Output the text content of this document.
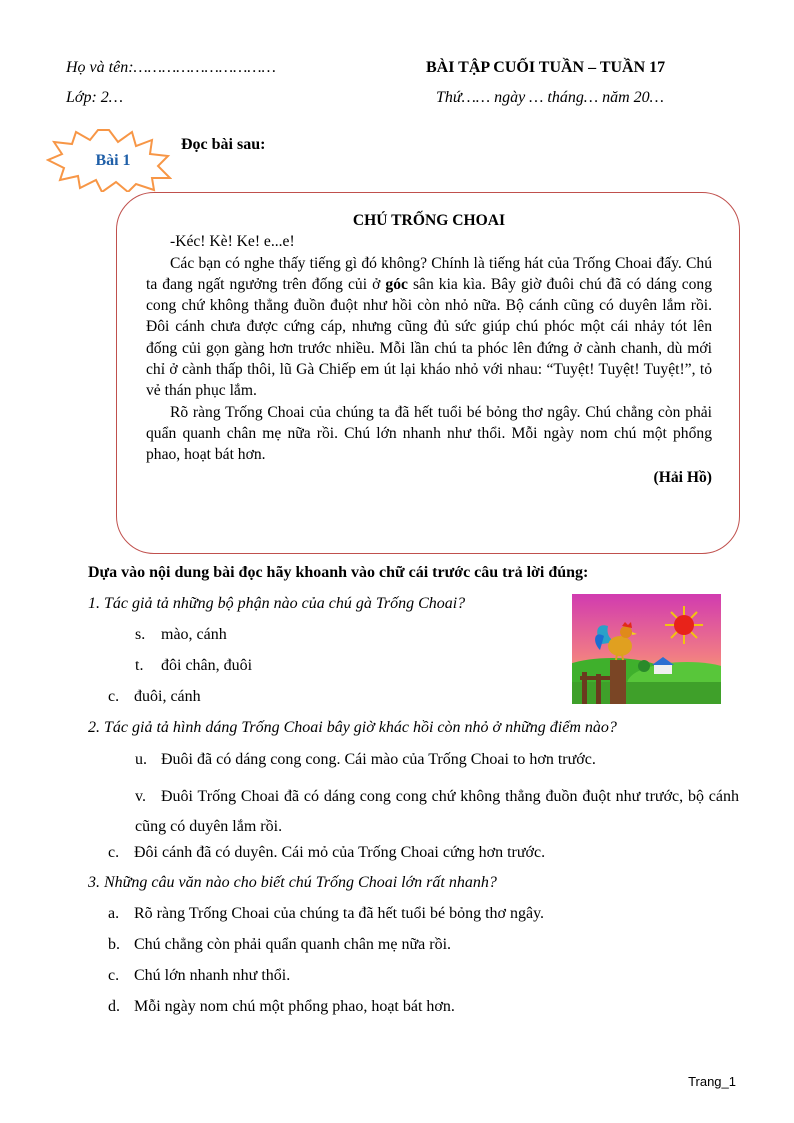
Họ và tên:…………………………
Lớp: 2…
BÀI TẬP CUỐI TUẦN – TUẦN 17
Thứ…… ngày … tháng… năm 20…
Bài 1
Đọc bài sau:
CHÚ TRỐNG CHOAI

-Kéc! Kè! Ke! e...e!

Các bạn có nghe thấy tiếng gì đó không? Chính là tiếng hát của Trống Choai đấy. Chú ta đang ngất ngưởng trên đống củi ở góc sân kia kìa. Bây giờ đuôi chú đã có dáng cong cong chứ không thẳng đuồn đuột như hồi còn nhỏ nữa. Bộ cánh cũng có duyên lắm rồi. Đôi cánh chưa được cứng cáp, nhưng cũng đủ sức giúp chú phóc một cái nhảy tót lên đống củi gọn gàng hơn trước nhiều. Mỗi lần chú ta phóc lên đứng ở cành chanh, dù mới chỉ ở cành thấp thôi, lũ Gà Chiếp em út lại kháo nhỏ với nhau: “Tuyệt! Tuyệt! Tuyệt!”, tỏ vẻ thán phục lắm.

Rõ ràng Trống Choai của chúng ta đã hết tuổi bé bỏng thơ ngây. Chú chẳng còn phải quẩn quanh chân mẹ nữa rồi. Chú lớn nhanh như thổi. Mỗi ngày nom chú một phổng phao, hoạt bát hơn.

(Hải Hồ)
Dựa vào nội dung bài đọc hãy khoanh vào chữ cái trước câu trả lời đúng:
1. Tác giả tả những bộ phận nào của chú gà Trống Choai?
s. mào, cánh
t. đôi chân, đuôi
c. đuôi, cánh
2. Tác giả tả hình dáng Trống Choai bây giờ khác hồi còn nhỏ ở những điểm nào?
u. Đuôi đã có dáng cong cong. Cái mào của Trống Choai to hơn trước.
v. Đuôi Trống Choai đã có dáng cong cong chứ không thẳng đuồn đuột như trước, bộ cánh cũng có duyên lắm rồi.
c. Đôi cánh đã có duyên. Cái mỏ của Trống Choai cứng hơn trước.
3. Những câu văn nào cho biết chú Trống Choai lớn rất nhanh?
a. Rõ ràng Trống Choai của chúng ta đã hết tuổi bé bỏng thơ ngây.
b. Chú chẳng còn phải quẩn quanh chân mẹ nữa rồi.
c. Chú lớn nhanh như thổi.
d. Mỗi ngày nom chú một phổng phao, hoạt bát hơn.
Trang_1
